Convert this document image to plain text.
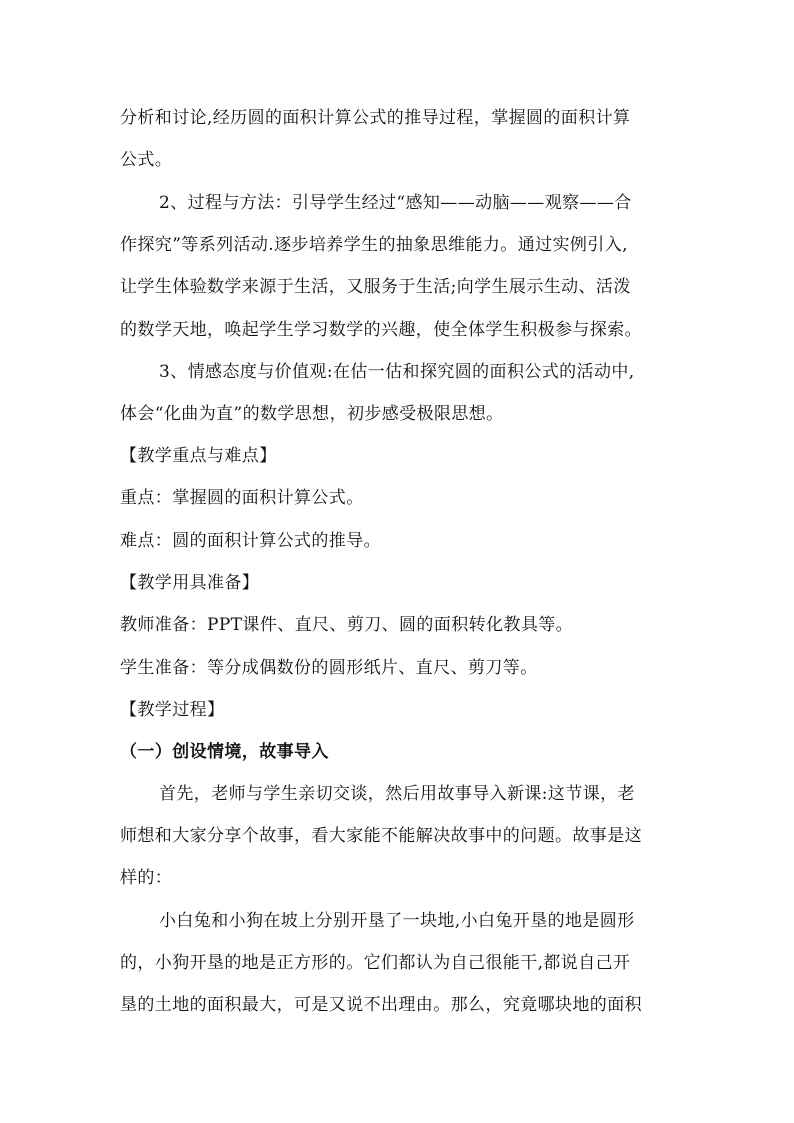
分析和讨论,经历圆的面积计算公式的推导过程，掌握圆的面积计算
公式。
2、过程与方法：引导学生经过“感知——动脑——观察——合
作探究”等系列活动.逐步培养学生的抽象思维能力。通过实例引入,
让学生体验数学来源于生活，又服务于生活;向学生展示生动、活泼
的数学天地，唤起学生学习数学的兴趣，使全体学生积极参与探索。
3、情感态度与价值观:在估一估和探究圆的面积公式的活动中,
体会“化曲为直”的数学思想，初步感受极限思想。
【教学重点与难点】
重点：掌握圆的面积计算公式。
难点：圆的面积计算公式的推导。
【教学用具准备】
教师准备：PPT课件、直尺、剪刀、圆的面积转化教具等。
学生准备：等分成偶数份的圆形纸片、直尺、剪刀等。
【教学过程】
（一）创设情境，故事导入
首先，老师与学生亲切交谈，然后用故事导入新课:这节课，老
师想和大家分享个故事，看大家能不能解决故事中的问题。故事是这
样的：
小白兔和小狗在坡上分别开垦了一块地,小白兔开垦的地是圆形
的，小狗开垦的地是正方形的。它们都认为自己很能干,都说自己开
垦的土地的面积最大，可是又说不出理由。那么，究竟哪块地的面积
